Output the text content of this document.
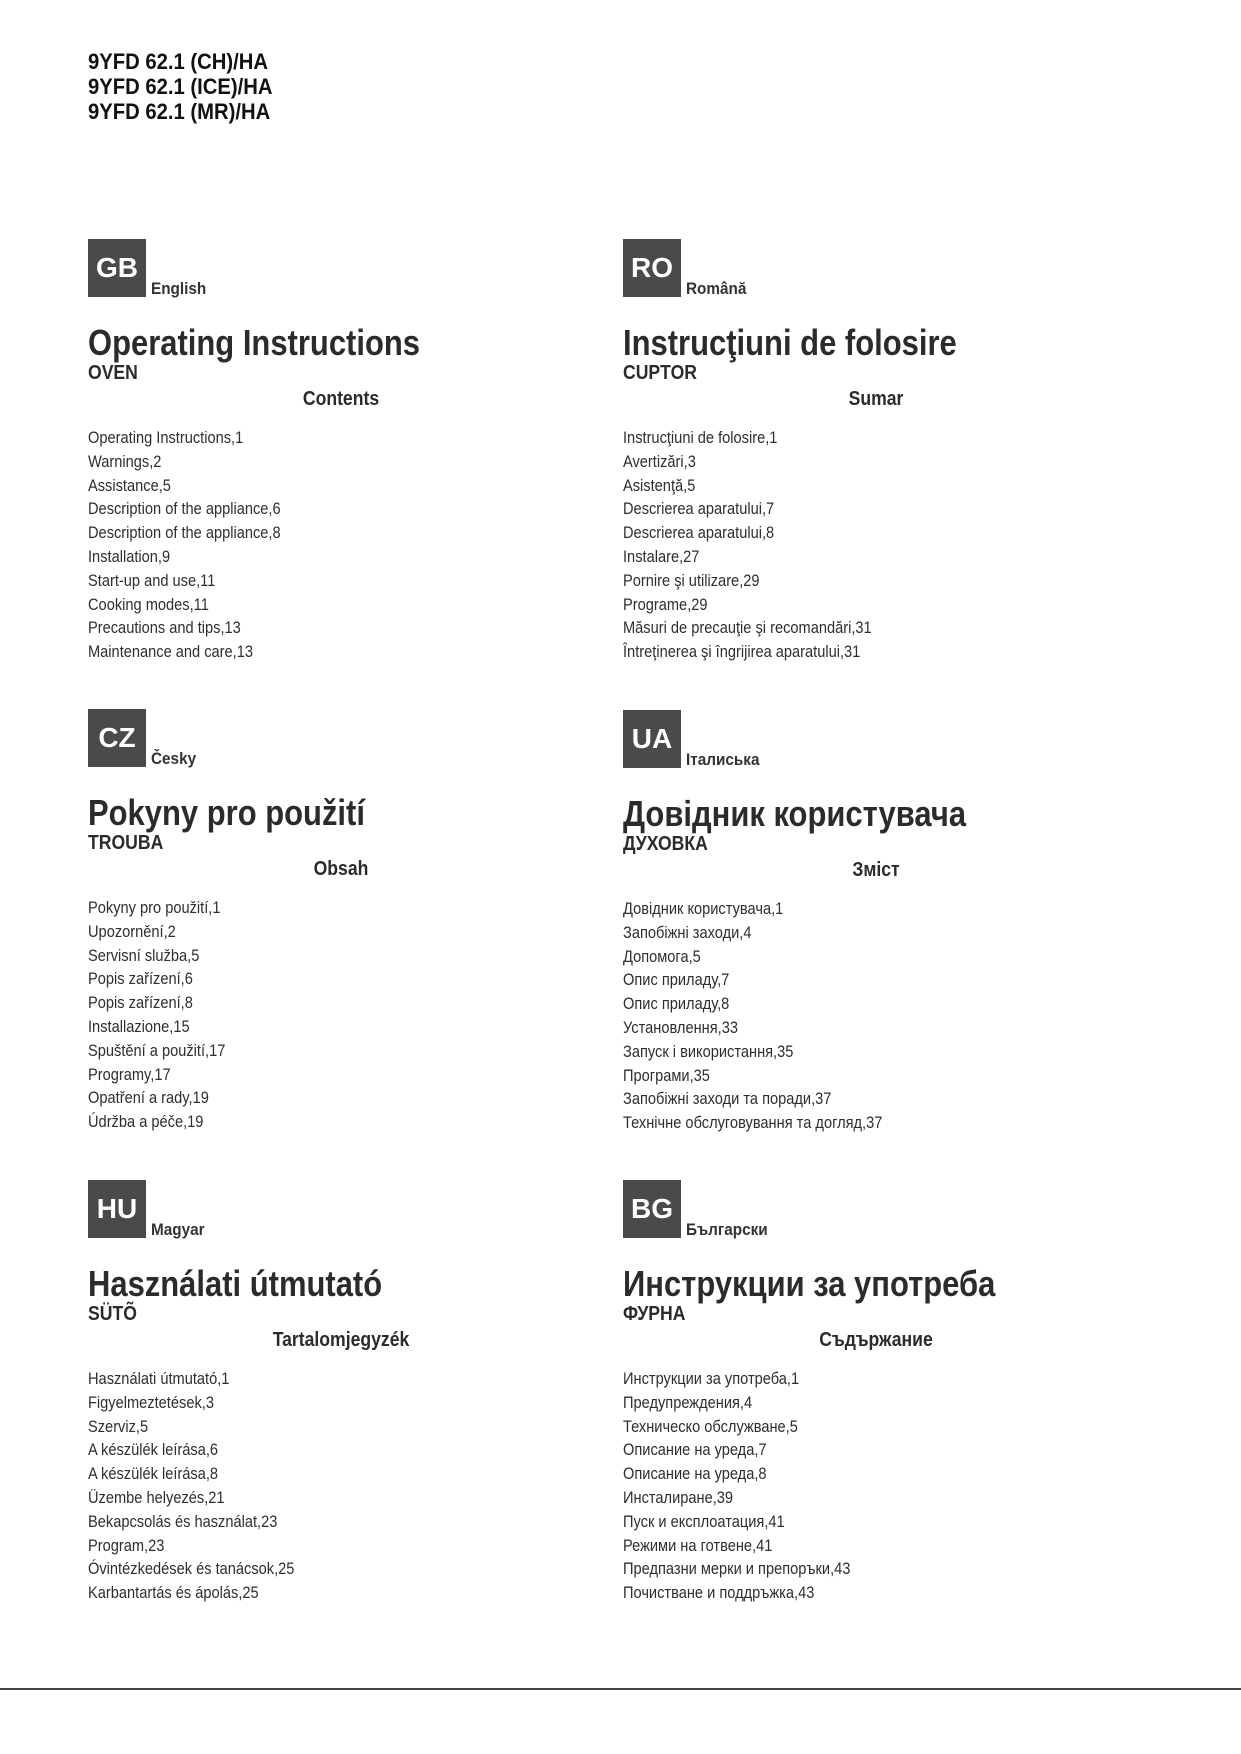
9YFD 62.1 (CH)/HA
9YFD 62.1 (ICE)/HA
9YFD 62.1 (MR)/HA
GB
English
Operating Instructions
OVEN
Contents
Operating Instructions,1
Warnings,2
Assistance,5
Description of the appliance,6
Description of the appliance,8
Installation,9
Start-up and use,11
Cooking modes,11
Precautions and tips,13
Maintenance and care,13
RO
Română
Instrucţiuni de folosire
CUPTOR
Sumar
Instrucţiuni de folosire,1
Avertizări,3
Asistenţă,5
Descrierea aparatului,7
Descrierea aparatului,8
Instalare,27
Pornire şi utilizare,29
Programe,29
Măsuri de precauţie şi recomandări,31
Întreţinerea şi îngrijirea aparatului,31
CZ
Česky
Pokyny pro použití
TROUBA
Obsah
Pokyny pro použití,1
Upozornění,2
Servisní služba,5
Popis zařízení,6
Popis zařízení,8
Installazione,15
Spuštění a použití,17
Programy,17
Opatření a rady,19
Údržba a péče,19
UA
Італиська
Довідник користувача
ДУХОВКА
Зміст
Довідник користувача,1
Запобіжні заходи,4
Допомога,5
Опис приладу,7
Опис приладу,8
Установлення,33
Запуск і використання,35
Програми,35
Запобіжні заходи та поради,37
Технічне обслуговування та догляд,37
HU
Magyar
Használati útmutató
SÜTÕ
Tartalomjegyzék
Használati útmutató,1
Figyelmeztetések,3
Szerviz,5
A készülék leírása,6
A készülék leírása,8
Üzembe helyezés,21
Bekapcsolás és használat,23
Program,23
Óvintézkedések és tanácsok,25
Karbantartás és ápolás,25
BG
Български
Инструкции за употреба
ФУРНА
Съдържание
Инструкции за употреба,1
Предупреждения,4
Техническо обслужване,5
Описание на уреда,7
Описание на уреда,8
Инсталиране,39
Пуск и експлоатация,41
Режими на готвене,41
Предпазни мерки и препоръки,43
Почистване и поддръжка,43
